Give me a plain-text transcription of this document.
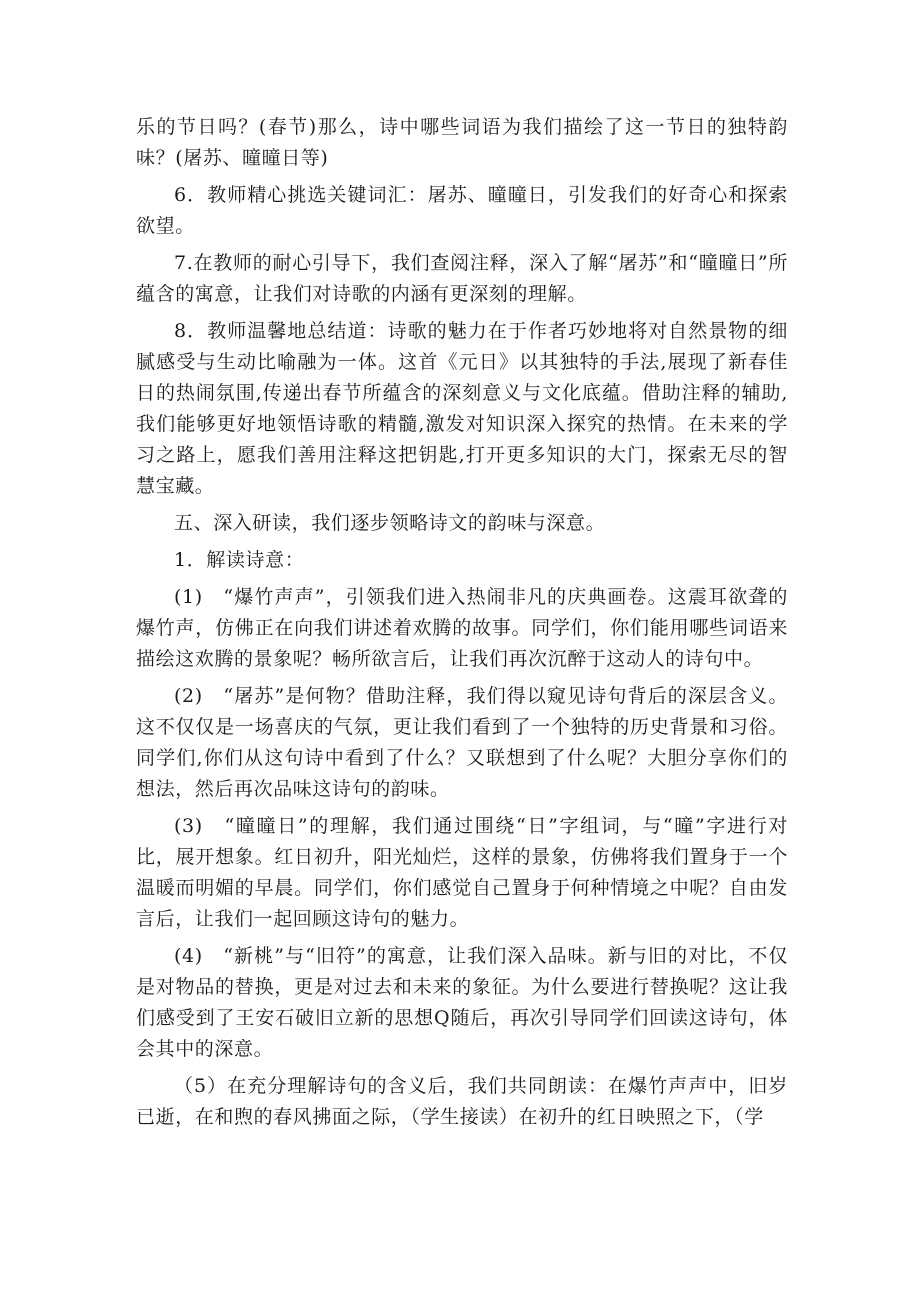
乐的节日吗？(春节)那么，诗中哪些词语为我们描绘了这一节日的独特韵味？(屠苏、曈曈日等)

6．教师精心挑选关键词汇：屠苏、曈曈日，引发我们的好奇心和探索欲望。

7.在教师的耐心引导下，我们查阅注释，深入了解“屠苏”和“曈曈日”所蕴含的寓意，让我们对诗歌的内涵有更深刻的理解。

8．教师温馨地总结道：诗歌的魅力在于作者巧妙地将对自然景物的细腻感受与生动比喻融为一体。这首《元日》以其独特的手法,展现了新春佳日的热闹氛围,传递出春节所蕴含的深刻意义与文化底蕴。借助注释的辅助,我们能够更好地领悟诗歌的精髓,激发对知识深入探究的热情。在未来的学习之路上，愿我们善用注释这把钥匙,打开更多知识的大门，探索无尽的智慧宝藏。

五、深入研读，我们逐步领略诗文的韵味与深意。

1．解读诗意：

(1)　“爆竹声声”，引领我们进入热闹非凡的庆典画卷。这震耳欲聋的爆竹声，仿佛正在向我们讲述着欢腾的故事。同学们，你们能用哪些词语来描绘这欢腾的景象呢？畅所欲言后，让我们再次沉醉于这动人的诗句中。

(2)　“屠苏”是何物？借助注释，我们得以窥见诗句背后的深层含义。这不仅仅是一场喜庆的气氛，更让我们看到了一个独特的历史背景和习俗。同学们,你们从这句诗中看到了什么？又联想到了什么呢？大胆分享你们的想法，然后再次品味这诗句的韵味。

(3)　“曈曈日”的理解，我们通过围绕“日”字组词，与“曈”字进行对比，展开想象。红日初升，阳光灿烂，这样的景象，仿佛将我们置身于一个温暖而明媚的早晨。同学们，你们感觉自己置身于何种情境之中呢？自由发言后，让我们一起回顾这诗句的魅力。

(4)　“新桃”与“旧符”的寓意，让我们深入品味。新与旧的对比，不仅是对物品的替换，更是对过去和未来的象征。为什么要进行替换呢？这让我们感受到了王安石破旧立新的思想Q随后，再次引导同学们回读这诗句，体会其中的深意。

（5）在充分理解诗句的含义后，我们共同朗读：在爆竹声声中，旧岁已逝，在和煦的春风拂面之际，（学生接读）在初升的红日映照之下，（学
